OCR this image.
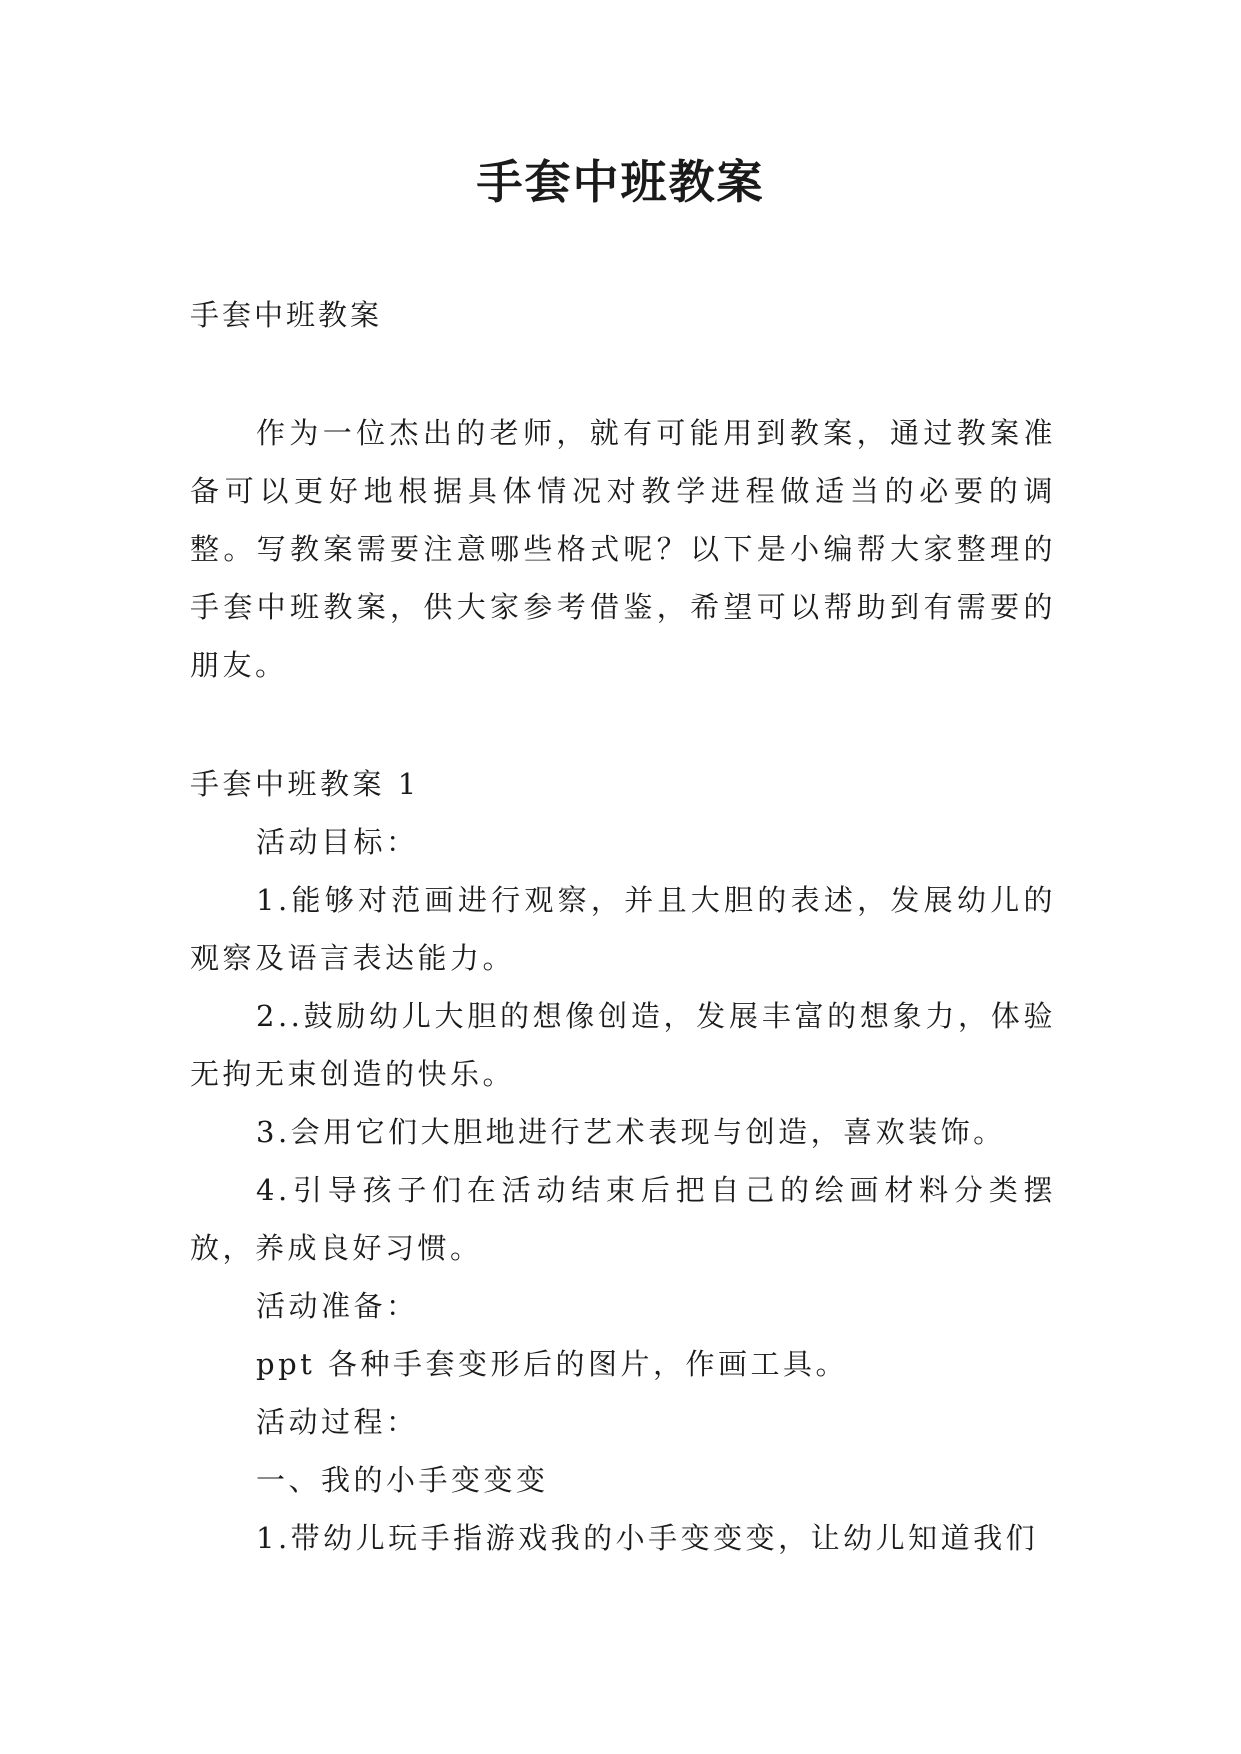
手套中班教案
手套中班教案

作为一位杰出的老师，就有可能用到教案，通过教案准备可以更好地根据具体情况对教学进程做适当的必要的调整。写教案需要注意哪些格式呢？以下是小编帮大家整理的手套中班教案，供大家参考借鉴，希望可以帮助到有需要的朋友。

手套中班教案 1

活动目标：

1.能够对范画进行观察，并且大胆的表述，发展幼儿的观察及语言表达能力。

2..鼓励幼儿大胆的想像创造，发展丰富的想象力，体验无拘无束创造的快乐。

3.会用它们大胆地进行艺术表现与创造，喜欢装饰。

4.引导孩子们在活动结束后把自己的绘画材料分类摆放，养成良好习惯。

活动准备：

ppt 各种手套变形后的图片，作画工具。

活动过程：

一、我的小手变变变

1.带幼儿玩手指游戏我的小手变变变，让幼儿知道我们
